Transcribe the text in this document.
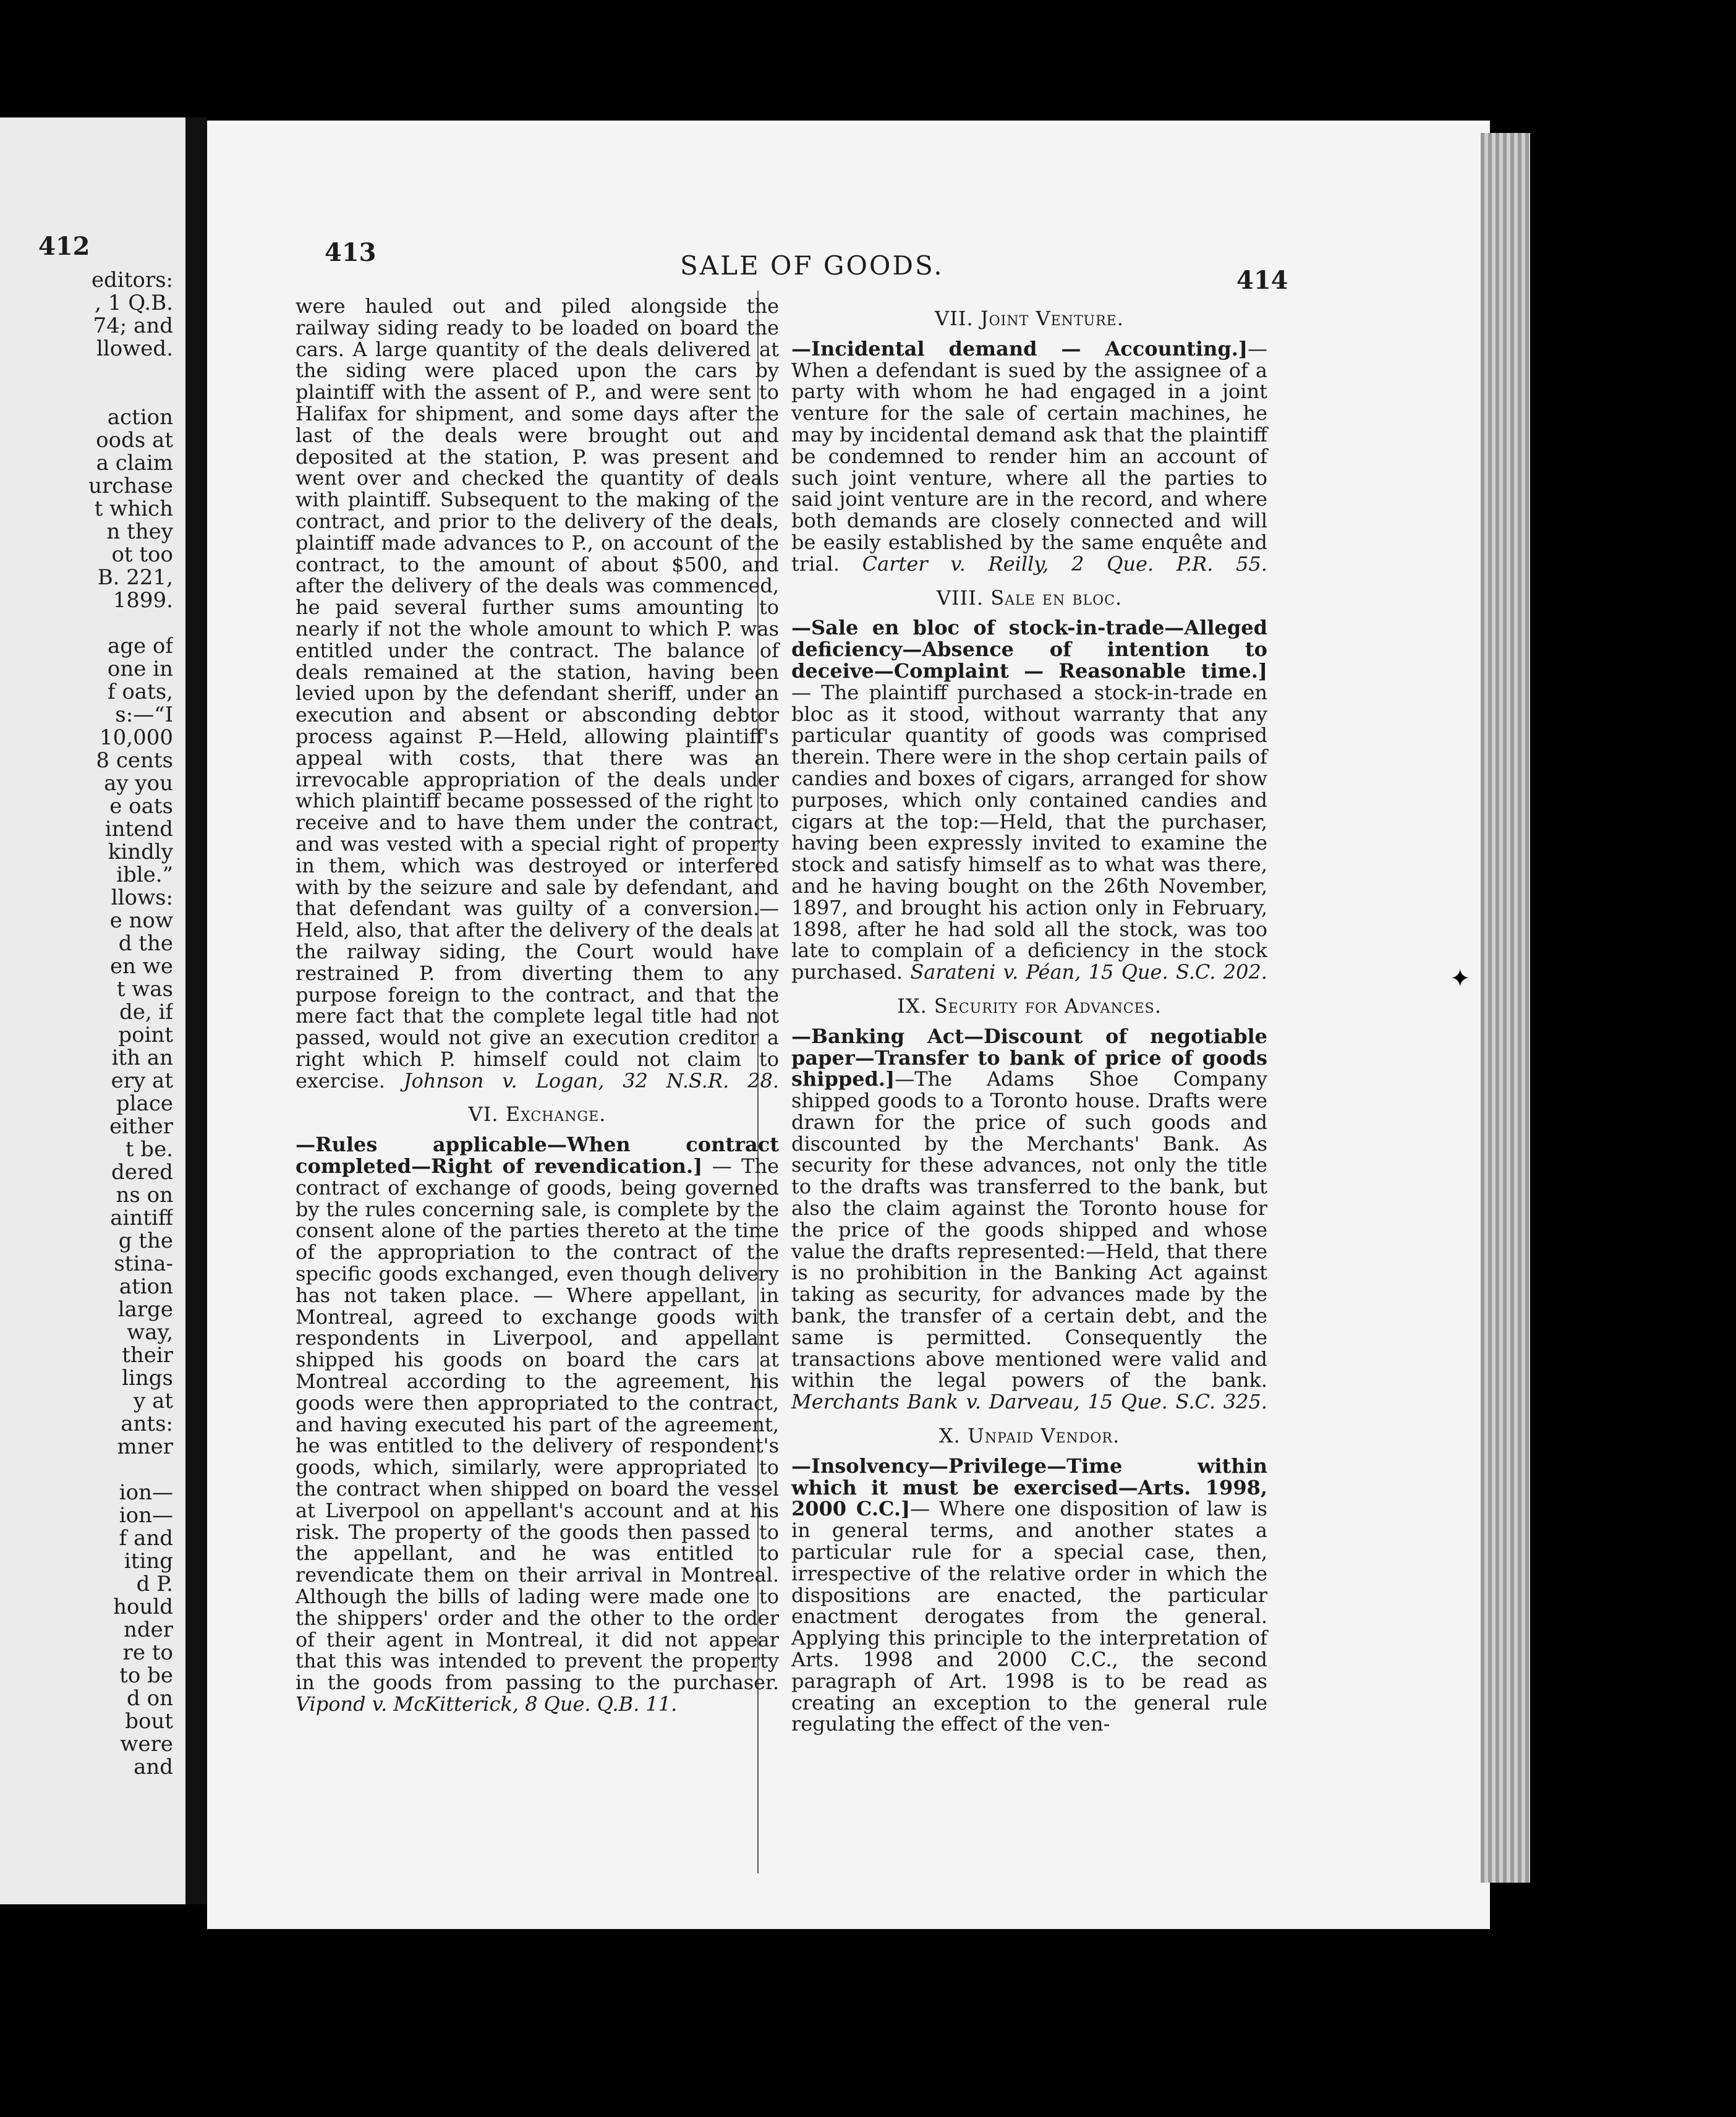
412
editors:
, 1 Q.B.
74; and
llowed.

action
oods at
a claim
urchase
t which
n they
ot too
B. 221,
1899.

age of
one in
f oats,
s:—“I
10,000
8 cents
ay you
e oats
intend
kindly
ible.”
llows:
e now
d the
en we
t was
de, if
point
ith an
ery at
place
either
t be.
dered
ns on
aintiff
g the
stina-
ation
large
way,
their
lings
y at
ants:
mner

ion—
ion—
f and
iting
d P.
hould
nder
re to
to be
d on
bout
were
and
413	SALE OF GOODS.	414

were hauled out and piled alongside the railway siding ready to be loaded on board the cars. A large quantity of the deals delivered at the siding were placed upon the cars by plaintiff with the assent of P., and were sent to Halifax for shipment, and some days after the last of the deals were brought out and deposited at the station, P. was present and went over and checked the quantity of deals with plaintiff. Subsequent to the making of the contract, and prior to the delivery of the deals, plaintiff made advances to P., on account of the contract, to the amount of about $500, and after the delivery of the deals was commenced, he paid several further sums amounting to nearly if not the whole amount to which P. was entitled under the contract. The balance of deals remained at the station, having been levied upon by the defendant sheriff, under an execution and absent or absconding debtor process against P.—Held, allowing plaintiff's appeal with costs, that there was an irrevocable appropriation of the deals under which plaintiff became possessed of the right to receive and to have them under the contract, and was vested with a special right of property in them, which was destroyed or interfered with by the seizure and sale by defendant, and that defendant was guilty of a conversion.—Held, also, that after the delivery of the deals at the railway siding, the Court would have restrained P. from diverting them to any purpose foreign to the contract, and that the mere fact that the complete legal title had not passed, would not give an execution creditor a right which P. himself could not claim to exercise. Johnson v. Logan, 32 N.S.R. 28.

VI. Exchange.

—Rules applicable—When contract completed—Right of revendication.] — The contract of exchange of goods, being governed by the rules concerning sale, is complete by the consent alone of the parties thereto at the time of the appropriation to the contract of the specific goods exchanged, even though delivery has not taken place. — Where appellant, in Montreal, agreed to exchange goods with respondents in Liverpool, and appellant shipped his goods on board the cars at Montreal according to the agreement, his goods were then appropriated to the contract, and having executed his part of the agreement, he was entitled to the delivery of respondent's goods, which, similarly, were appropriated to the contract when shipped on board the vessel at Liverpool on appellant's account and at his risk. The property of the goods then passed to the appellant, and he was entitled to revendicate them on their arrival in Montreal. Although the bills of lading were made one to the shippers' order and the other to the order of their agent in Montreal, it did not appear that this was intended to prevent the property in the goods from passing to the purchaser. Vipond v. McKitterick, 8 Que. Q.B. 11.

VII. Joint Venture.

—Incidental demand — Accounting.]—When a defendant is sued by the assignee of a party with whom he had engaged in a joint venture for the sale of certain machines, he may by incidental demand ask that the plaintiff be condemned to render him an account of such joint venture, where all the parties to said joint venture are in the record, and where both demands are closely connected and will be easily established by the same enquête and trial. Carter v. Reilly, 2 Que. P.R. 55.

VIII. Sale en bloc.

—Sale en bloc of stock-in-trade—Alleged deficiency—Absence of intention to deceive—Complaint — Reasonable time.] — The plaintiff purchased a stock-in-trade en bloc as it stood, without warranty that any particular quantity of goods was comprised therein. There were in the shop certain pails of candies and boxes of cigars, arranged for show purposes, which only contained candies and cigars at the top:—Held, that the purchaser, having been expressly invited to examine the stock and satisfy himself as to what was there, and he having bought on the 26th November, 1897, and brought his action only in February, 1898, after he had sold all the stock, was too late to complain of a deficiency in the stock purchased. Sarateni v. Péan, 15 Que. S.C. 202.

IX. Security for Advances.

—Banking Act—Discount of negotiable paper—Transfer to bank of price of goods shipped.]—The Adams Shoe Company shipped goods to a Toronto house. Drafts were drawn for the price of such goods and discounted by the Merchants' Bank. As security for these advances, not only the title to the drafts was transferred to the bank, but also the claim against the Toronto house for the price of the goods shipped and whose value the drafts represented:—Held, that there is no prohibition in the Banking Act against taking as security, for advances made by the bank, the transfer of a certain debt, and the same is permitted. Consequently the transactions above mentioned were valid and within the legal powers of the bank. Merchants Bank v. Darveau, 15 Que. S.C. 325.

X. Unpaid Vendor.

—Insolvency—Privilege—Time within which it must be exercised—Arts. 1998, 2000 C.C.]— Where one disposition of law is in general terms, and another states a particular rule for a special case, then, irrespective of the relative order in which the dispositions are enacted, the particular enactment derogates from the general. Applying this principle to the interpretation of Arts. 1998 and 2000 C.C., the second paragraph of Art. 1998 is to be read as creating an exception to the general rule regulating the effect of the ven-

✦
